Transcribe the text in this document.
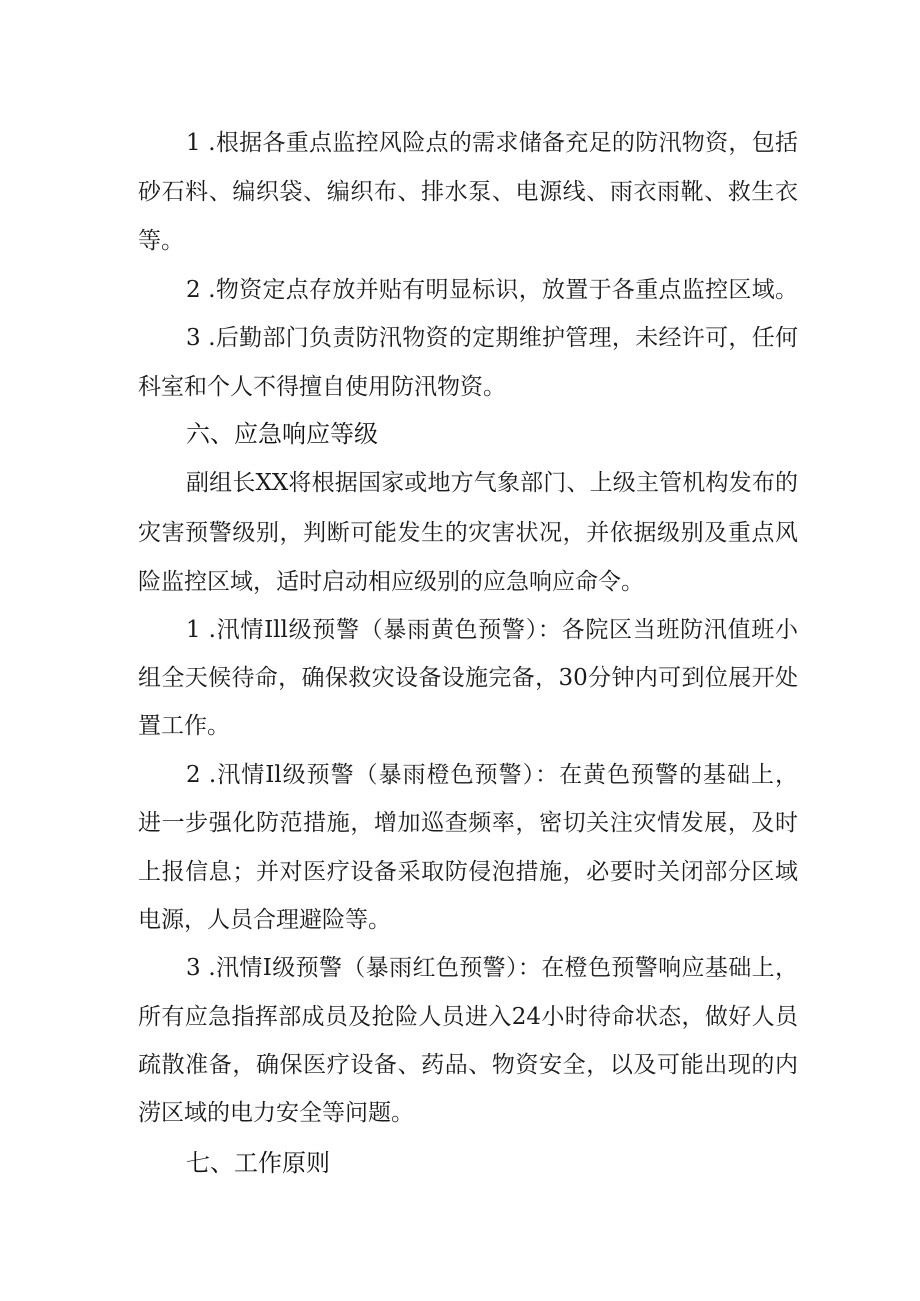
1 .根据各重点监控风险点的需求储备充足的防汛物资，包括
砂石料、编织袋、编织布、排水泵、电源线、雨衣雨靴、救生衣
等。
2 .物资定点存放并贴有明显标识，放置于各重点监控区域。
3 .后勤部门负责防汛物资的定期维护管理，未经许可，任何
科室和个人不得擅自使用防汛物资。
六、应急响应等级
副组长XX将根据国家或地方气象部门、上级主管机构发布的
灾害预警级别，判断可能发生的灾害状况，并依据级别及重点风
险监控区域，适时启动相应级别的应急响应命令。
1 .汛情Ill级预警（暴雨黄色预警）：各院区当班防汛值班小
组全天候待命，确保救灾设备设施完备，30分钟内可到位展开处
置工作。
2 .汛情Il级预警（暴雨橙色预警）：在黄色预警的基础上，
进一步强化防范措施，增加巡查频率，密切关注灾情发展，及时
上报信息；并对医疗设备采取防侵泡措施，必要时关闭部分区域
电源，人员合理避险等。
3 .汛情I级预警（暴雨红色预警）：在橙色预警响应基础上，
所有应急指挥部成员及抢险人员进入24小时待命状态，做好人员
疏散准备，确保医疗设备、药品、物资安全，以及可能出现的内
涝区域的电力安全等问题。
七、工作原则
